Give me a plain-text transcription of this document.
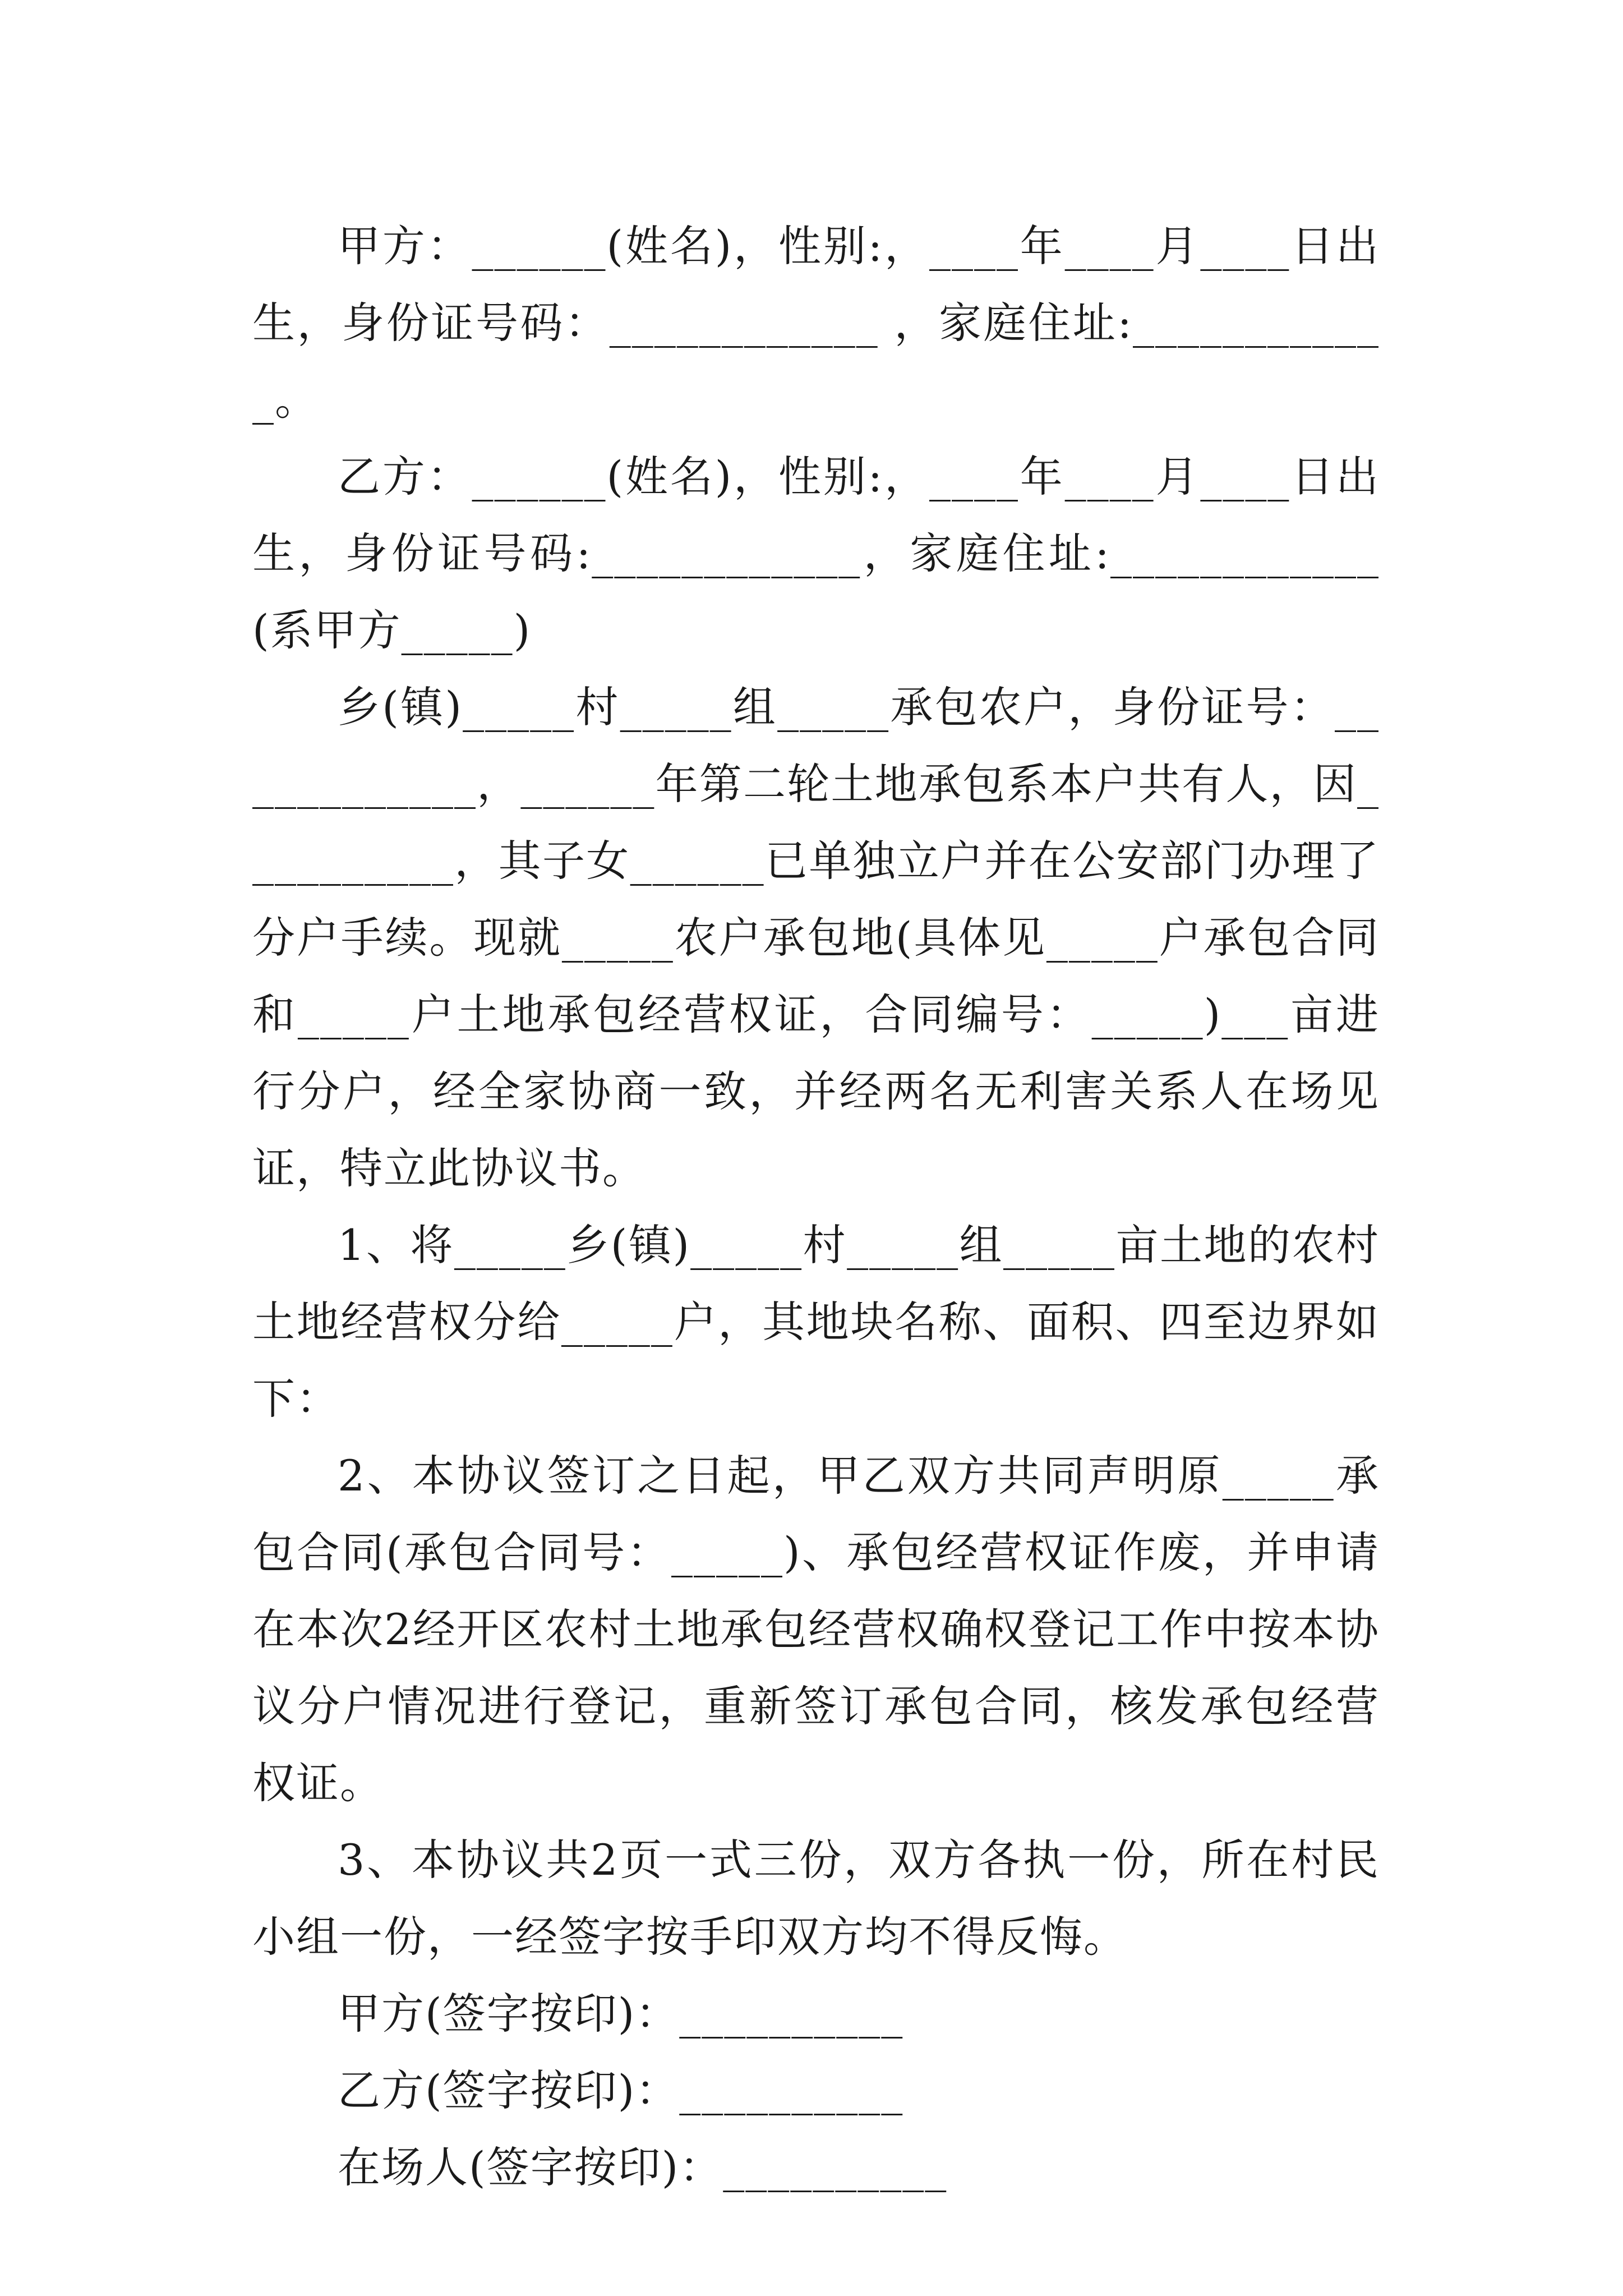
甲方：______(姓名)，性别:，____年____月____日出生，身份证号码：____________ ，家庭住址:____________。

乙方：______(姓名)，性别:，____年____月____日出生，身份证号码:____________，家庭住址:____________(系甲方_____)

乡(镇)_____村_____组_____承包农户，身份证号：____________，______年第二轮土地承包系本户共有人，因__________，其子女______已单独立户并在公安部门办理了分户手续。现就_____农户承包地(具体见_____户承包合同和_____户土地承包经营权证，合同编号：_____)___亩进行分户，经全家协商一致，并经两名无利害关系人在场见证，特立此协议书。

1、将_____乡(镇)_____村_____组_____亩土地的农村土地经营权分给_____户，其地块名称、面积、四至边界如下：

2、本协议签订之日起，甲乙双方共同声明原_____承包合同(承包合同号：_____)、承包经营权证作废，并申请在本次2经开区农村土地承包经营权确权登记工作中按本协议分户情况进行登记，重新签订承包合同，核发承包经营权证。

3、本协议共2页一式三份，双方各执一份，所在村民小组一份，一经签字按手印双方均不得反悔。

甲方(签字按印)：__________

乙方(签字按印)：__________

在场人(签字按印)：__________
